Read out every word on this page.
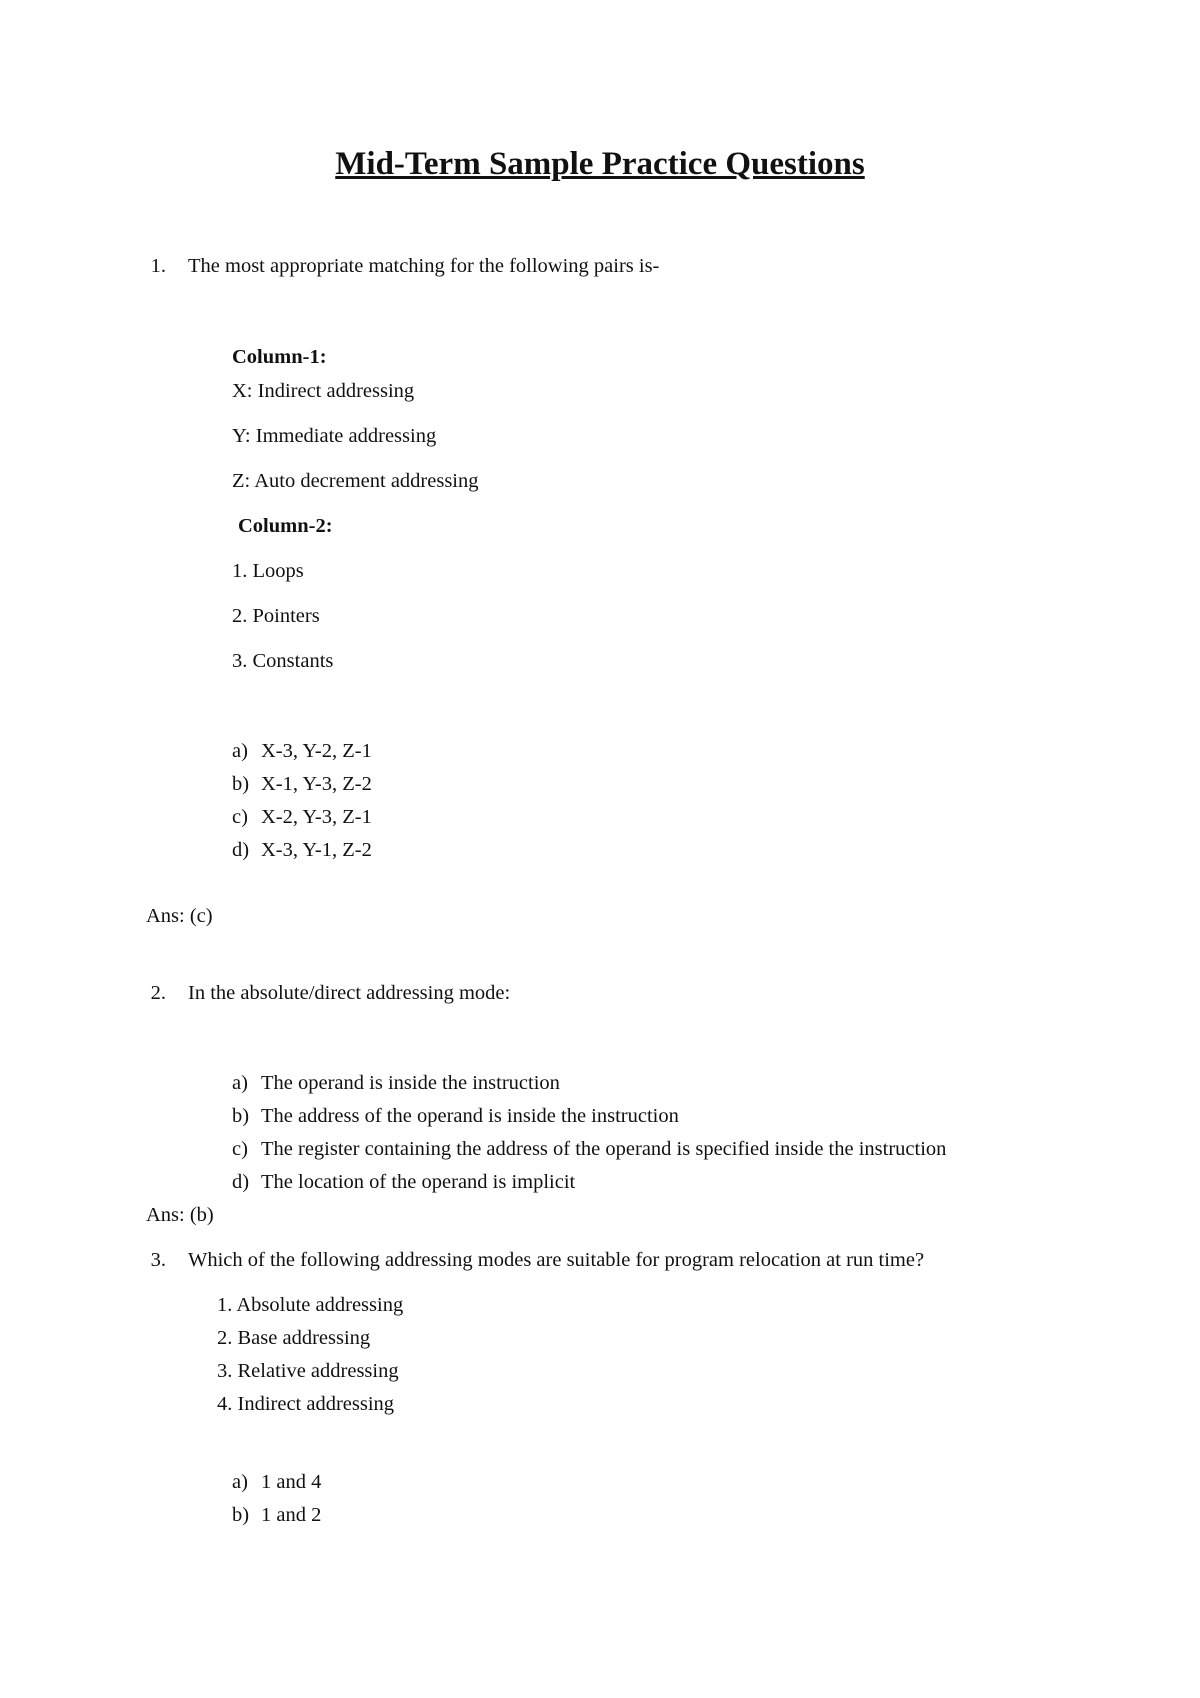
Mid-Term Sample Practice Questions
1. The most appropriate matching for the following pairs is-
Column-1:
X: Indirect addressing
Y: Immediate addressing
Z: Auto decrement addressing
Column-2:
1. Loops
2. Pointers
3. Constants
a) X-3, Y-2, Z-1
b) X-1, Y-3, Z-2
c) X-2, Y-3, Z-1
d) X-3, Y-1, Z-2
Ans: (c)
2. In the absolute/direct addressing mode:
a) The operand is inside the instruction
b) The address of the operand is inside the instruction
c) The register containing the address of the operand is specified inside the instruction
d) The location of the operand is implicit
Ans: (b)
3. Which of the following addressing modes are suitable for program relocation at run time?
1. Absolute addressing
2. Base addressing
3. Relative addressing
4. Indirect addressing
a) 1 and 4
b) 1 and 2
